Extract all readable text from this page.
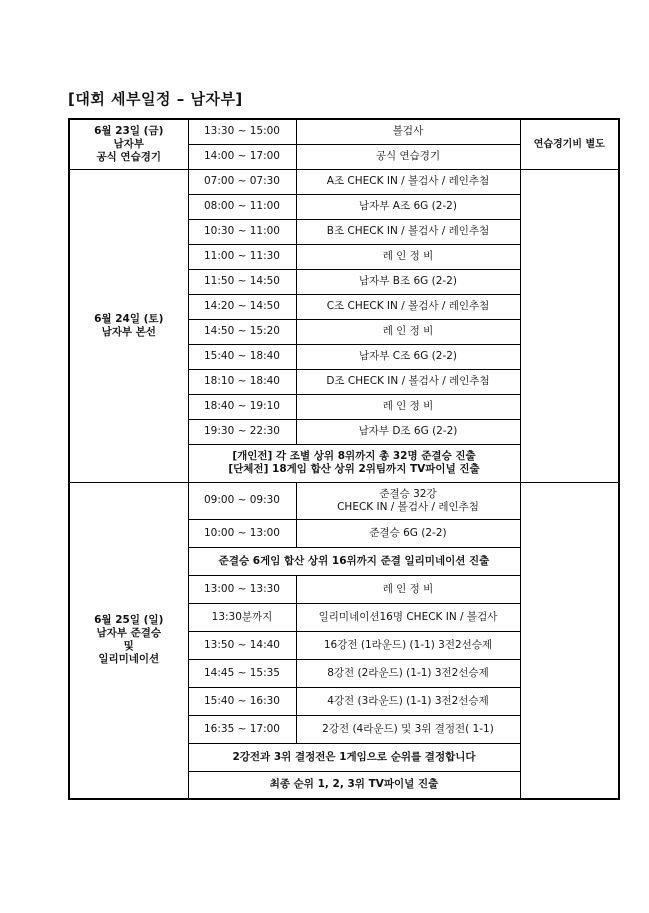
[대회 세부일정 – 남자부]
6월 23일 (금)
남자부
공식 연습경기	13:30 ~ 15:00	볼검사	연습경기비 별도
	14:00 ~ 17:00	공식 연습경기	

6월 24일 (토)
남자부 본선	07:00 ~ 07:30	A조 CHECK IN / 볼검사 / 레인추첨	
	08:00 ~ 11:00	남자부 A조 6G (2-2)	
	10:30 ~ 11:00	B조 CHECK IN / 볼검사 / 레인추첨	
	11:00 ~ 11:30	레 인 정 비	
	11:50 ~ 14:50	남자부 B조 6G (2-2)	
	14:20 ~ 14:50	C조 CHECK IN / 볼검사 / 레인추첨	
	14:50 ~ 15:20	레 인 정 비	
	15:40 ~ 18:40	남자부 C조 6G (2-2)	
	18:10 ~ 18:40	D조 CHECK IN / 볼검사 / 레인추첨	
	18:40 ~ 19:10	레 인 정 비	
	19:30 ~ 22:30	남자부 D조 6G (2-2)	

	[개인전] 각 조별 상위 8위까지 총 32명 준결승 진출
[단체전] 18게임 합산 상위 2위팀까지 TV파이널 진출		

6월 25일 (일)
남자부 준결승
및
일리미네이션	09:00 ~ 09:30	준결승 32강
CHECK IN / 볼검사 / 레인추첨	

	10:00 ~ 13:00	준결승 6G (2-2)	
	준결승 6게임 합산 상위 16위까지 준결 일리미네이션 진출		
	13:00 ~ 13:30	레 인 정 비	
	13:30분까지	일리미네이션16명 CHECK IN / 볼검사	
	13:50 ~ 14:40	16강전 (1라운드) (1-1) 3전2선승제	
	14:45 ~ 15:35	8강전 (2라운드) (1-1) 3전2선승제	
	15:40 ~ 16:30	4강전 (3라운드) (1-1) 3전2선승제	
	16:35 ~ 17:00	2강전 (4라운드) 및 3위 결정전( 1-1)	
	2강전과 3위 결정전은 1게임으로 순위를 결정합니다		
	최종 순위 1, 2, 3위 TV파이널 진출		
